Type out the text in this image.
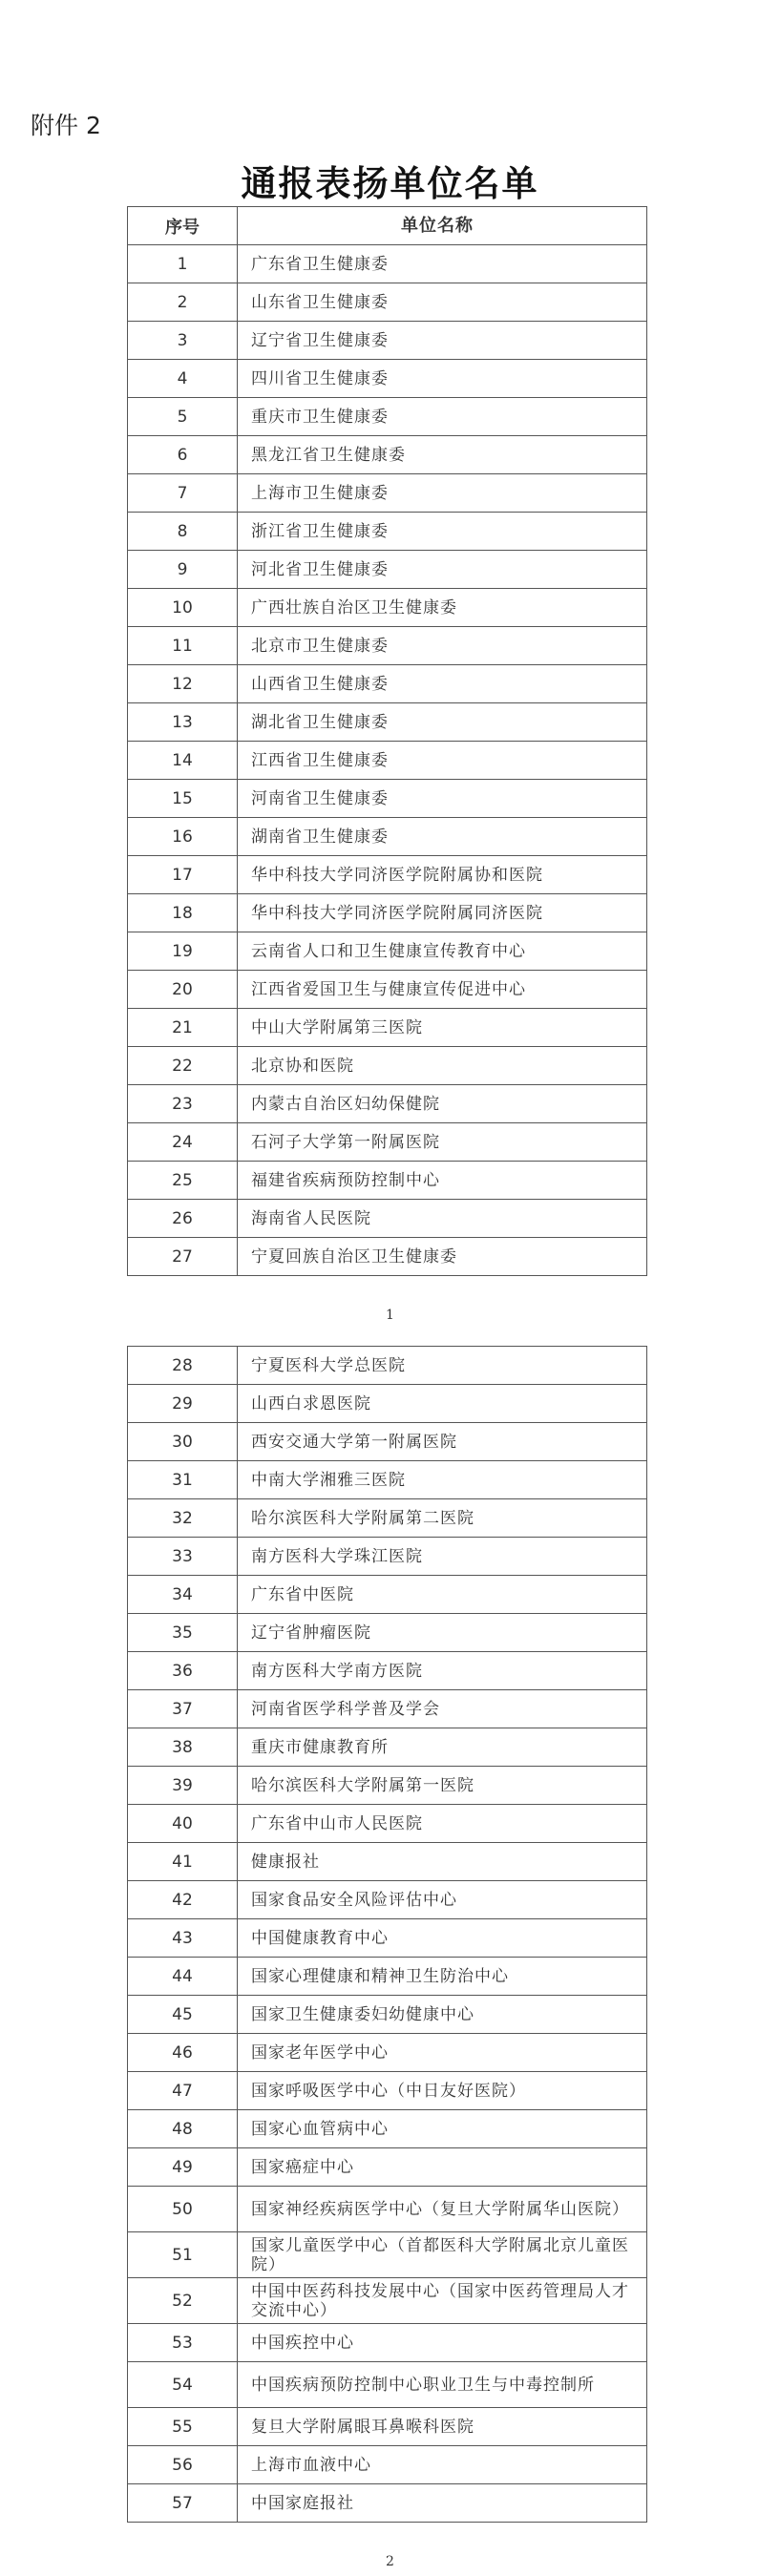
附件 2
通报表扬单位名单
序号	单位名称
1	广东省卫生健康委
2	山东省卫生健康委
3	辽宁省卫生健康委
4	四川省卫生健康委
5	重庆市卫生健康委
6	黑龙江省卫生健康委
7	上海市卫生健康委
8	浙江省卫生健康委
9	河北省卫生健康委
10	广西壮族自治区卫生健康委
11	北京市卫生健康委
12	山西省卫生健康委
13	湖北省卫生健康委
14	江西省卫生健康委
15	河南省卫生健康委
16	湖南省卫生健康委
17	华中科技大学同济医学院附属协和医院
18	华中科技大学同济医学院附属同济医院
19	云南省人口和卫生健康宣传教育中心
20	江西省爱国卫生与健康宣传促进中心
21	中山大学附属第三医院
22	北京协和医院
23	内蒙古自治区妇幼保健院
24	石河子大学第一附属医院
25	福建省疾病预防控制中心
26	海南省人民医院
27	宁夏回族自治区卫生健康委
1
28	宁夏医科大学总医院
29	山西白求恩医院
30	西安交通大学第一附属医院
31	中南大学湘雅三医院
32	哈尔滨医科大学附属第二医院
33	南方医科大学珠江医院
34	广东省中医院
35	辽宁省肿瘤医院
36	南方医科大学南方医院
37	河南省医学科学普及学会
38	重庆市健康教育所
39	哈尔滨医科大学附属第一医院
40	广东省中山市人民医院
41	健康报社
42	国家食品安全风险评估中心
43	中国健康教育中心
44	国家心理健康和精神卫生防治中心
45	国家卫生健康委妇幼健康中心
46	国家老年医学中心
47	国家呼吸医学中心（中日友好医院）
48	国家心血管病中心
49	国家癌症中心
50	国家神经疾病医学中心（复旦大学附属华山医院）
51	国家儿童医学中心（首都医科大学附属北京儿童医院）
52	中国中医药科技发展中心（国家中医药管理局人才交流中心）
53	中国疾控中心
54	中国疾病预防控制中心职业卫生与中毒控制所
55	复旦大学附属眼耳鼻喉科医院
56	上海市血液中心
57	中国家庭报社
2
